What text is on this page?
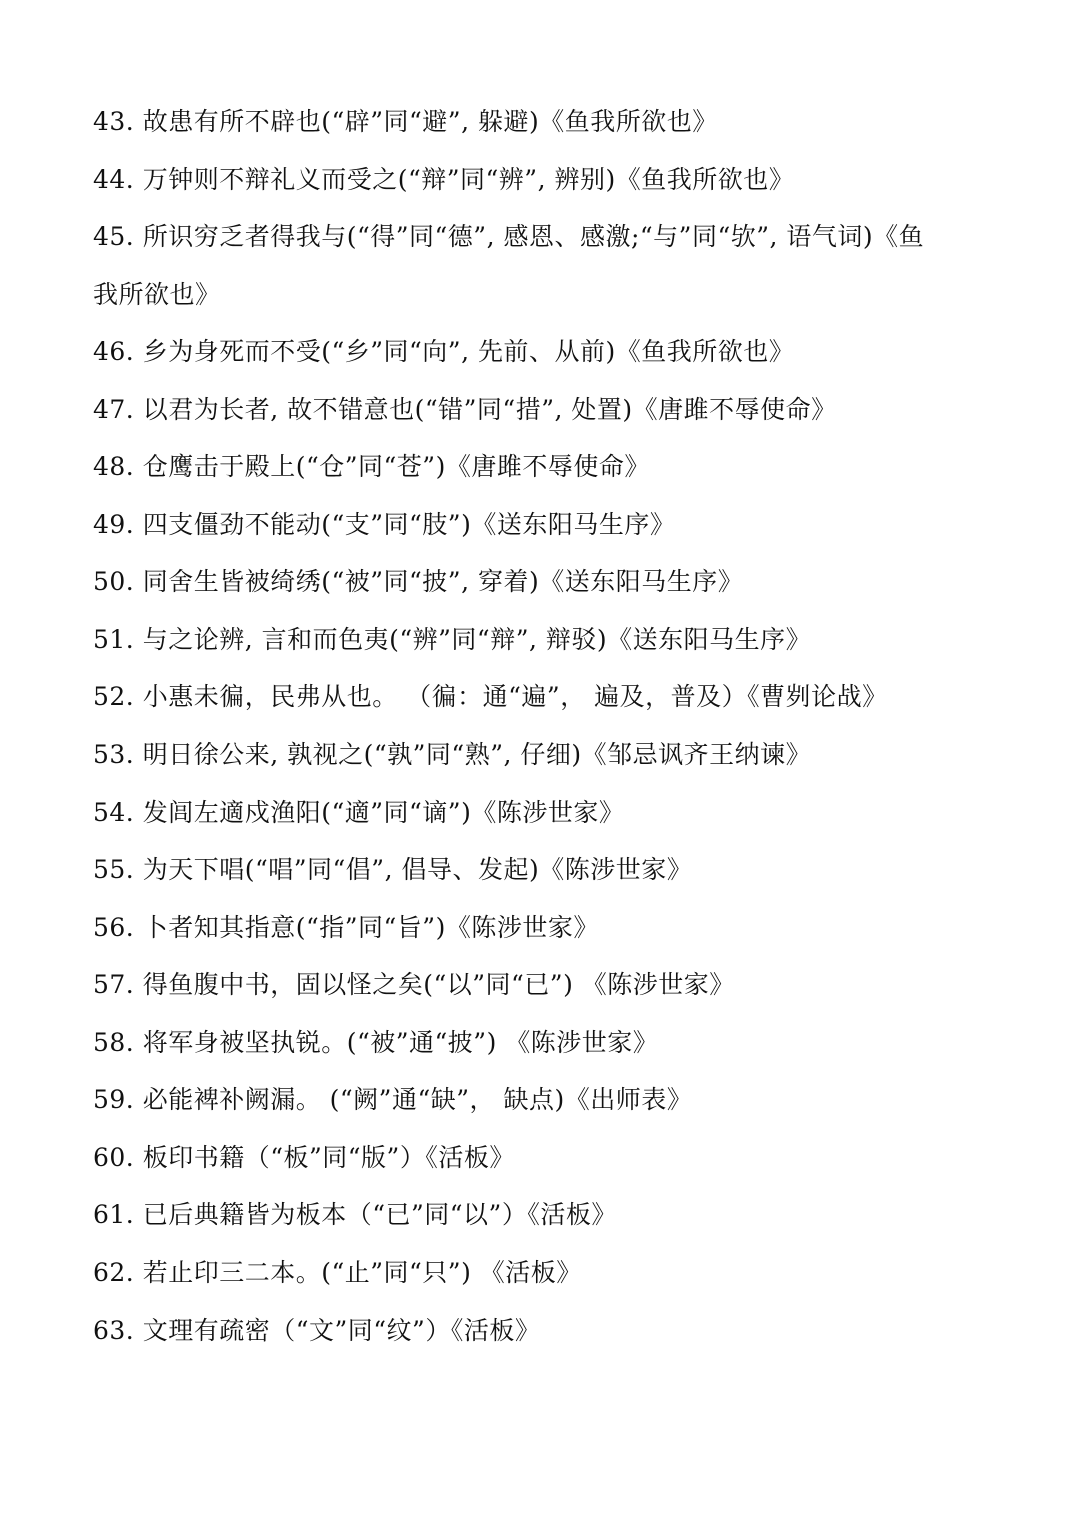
43. 故患有所不辟也(“辟”同“避”, 躲避)《鱼我所欲也》
44. 万钟则不辩礼义而受之(“辩”同“辨”, 辨别)《鱼我所欲也》
45. 所识穷乏者得我与(“得”同“德”, 感恩、感激;“与”同“欤”, 语气词)《鱼
我所欲也》
46. 乡为身死而不受(“乡”同“向”, 先前、从前)《鱼我所欲也》
47. 以君为长者, 故不错意也(“错”同“措”, 处置)《唐雎不辱使命》
48. 仓鹰击于殿上(“仓”同“苍”)《唐雎不辱使命》
49. 四支僵劲不能动(“支”同“肢”)《送东阳马生序》
50. 同舍生皆被绮绣(“被”同“披”, 穿着)《送东阳马生序》
51. 与之论辨, 言和而色夷(“辨”同“辩”, 辩驳)《送东阳马生序》
52. 小惠未徧，民弗从也。 （徧：通“遍”， 遍及，普及）《曹刿论战》
53. 明日徐公来, 孰视之(“孰”同“熟”, 仔细)《邹忌讽齐王纳谏》
54. 发闾左適戍渔阳(“適”同“谪”)《陈涉世家》
55. 为天下唱(“唱”同“倡”, 倡导、发起)《陈涉世家》
56. 卜者知其指意(“指”同“旨”)《陈涉世家》
57. 得鱼腹中书，固以怪之矣(“以”同“已”) 《陈涉世家》
58. 将军身被坚执锐。(“被”通“披”) 《陈涉世家》
59. 必能裨补阙漏。 (“阙”通“缺”， 缺点)《出师表》
60. 板印书籍（“板”同“版”）《活板》
61. 已后典籍皆为板本（“已”同“以”）《活板》
62. 若止印三二本。(“止”同“只”) 《活板》
63. 文理有疏密（“文”同“纹”）《活板》
